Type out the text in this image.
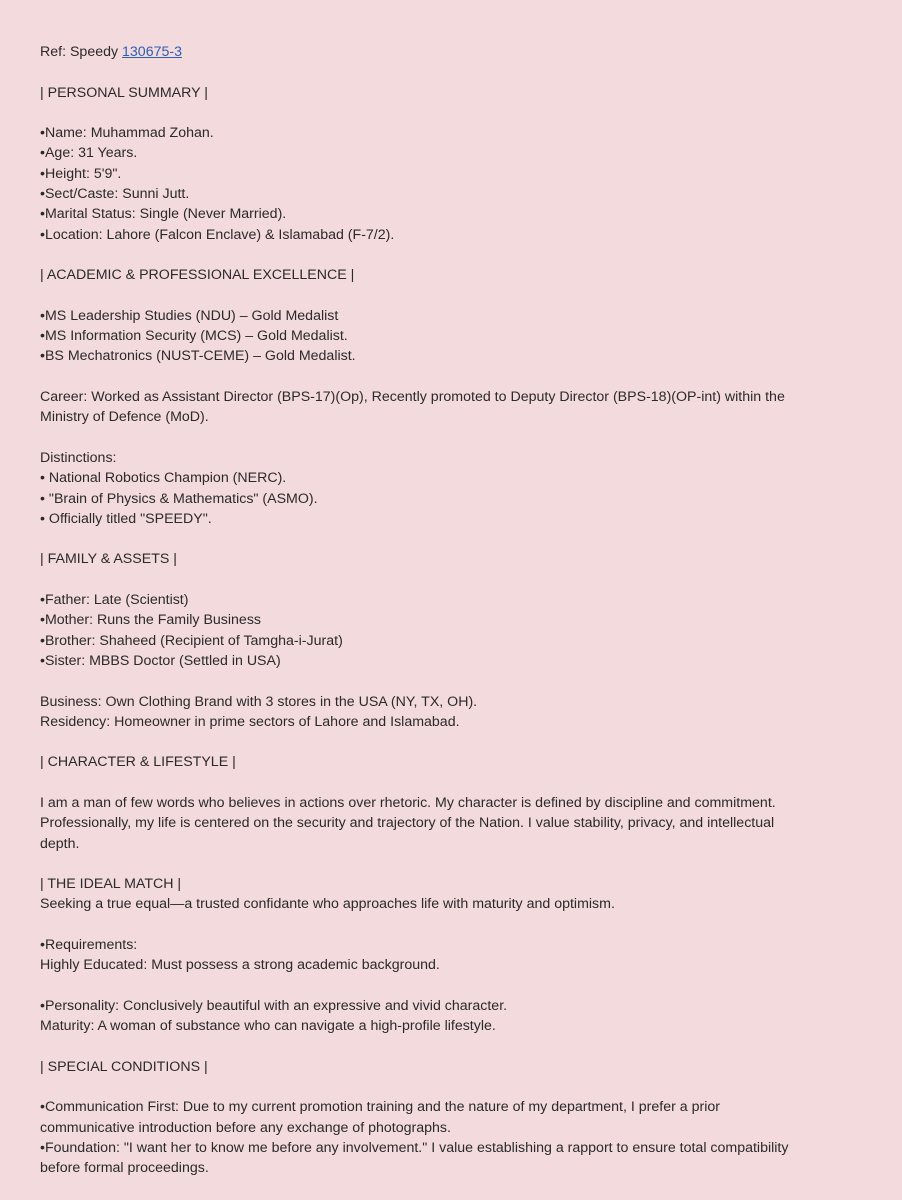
Ref: Speedy 130675-3
| PERSONAL SUMMARY |
•Name: Muhammad Zohan.
•Age: 31 Years.
•Height: 5'9".
•Sect/Caste: Sunni Jutt.
•Marital Status: Single (Never Married).
•Location: Lahore (Falcon Enclave) & Islamabad (F-7/2).
| ACADEMIC & PROFESSIONAL EXCELLENCE |
•MS Leadership Studies (NDU) – Gold Medalist
•MS Information Security (MCS) – Gold Medalist.
•BS Mechatronics (NUST-CEME) – Gold Medalist.
Career: Worked as Assistant Director (BPS-17)(Op), Recently promoted to Deputy Director (BPS-18)(OP-int) within the
Ministry of Defence (MoD).
Distinctions:
• National Robotics Champion (NERC).
• "Brain of Physics & Mathematics" (ASMO).
• Officially titled "SPEEDY".
| FAMILY & ASSETS |
•Father: Late (Scientist)
•Mother: Runs the Family Business
•Brother: Shaheed (Recipient of Tamgha-i-Jurat)
•Sister: MBBS Doctor (Settled in USA)
Business: Own Clothing Brand with 3 stores in the USA (NY, TX, OH).
Residency: Homeowner in prime sectors of Lahore and Islamabad.
| CHARACTER & LIFESTYLE |
I am a man of few words who believes in actions over rhetoric. My character is defined by discipline and commitment.
Professionally, my life is centered on the security and trajectory of the Nation. I value stability, privacy, and intellectual
depth.
| THE IDEAL MATCH |
Seeking a true equal—a trusted confidante who approaches life with maturity and optimism.
•Requirements:
Highly Educated: Must possess a strong academic background.
•Personality: Conclusively beautiful with an expressive and vivid character.
Maturity: A woman of substance who can navigate a high-profile lifestyle.
| SPECIAL CONDITIONS |
•Communication First: Due to my current promotion training and the nature of my department, I prefer a prior
communicative introduction before any exchange of photographs.
•Foundation: "I want her to know me before any involvement." I value establishing a rapport to ensure total compatibility
before formal proceedings.
